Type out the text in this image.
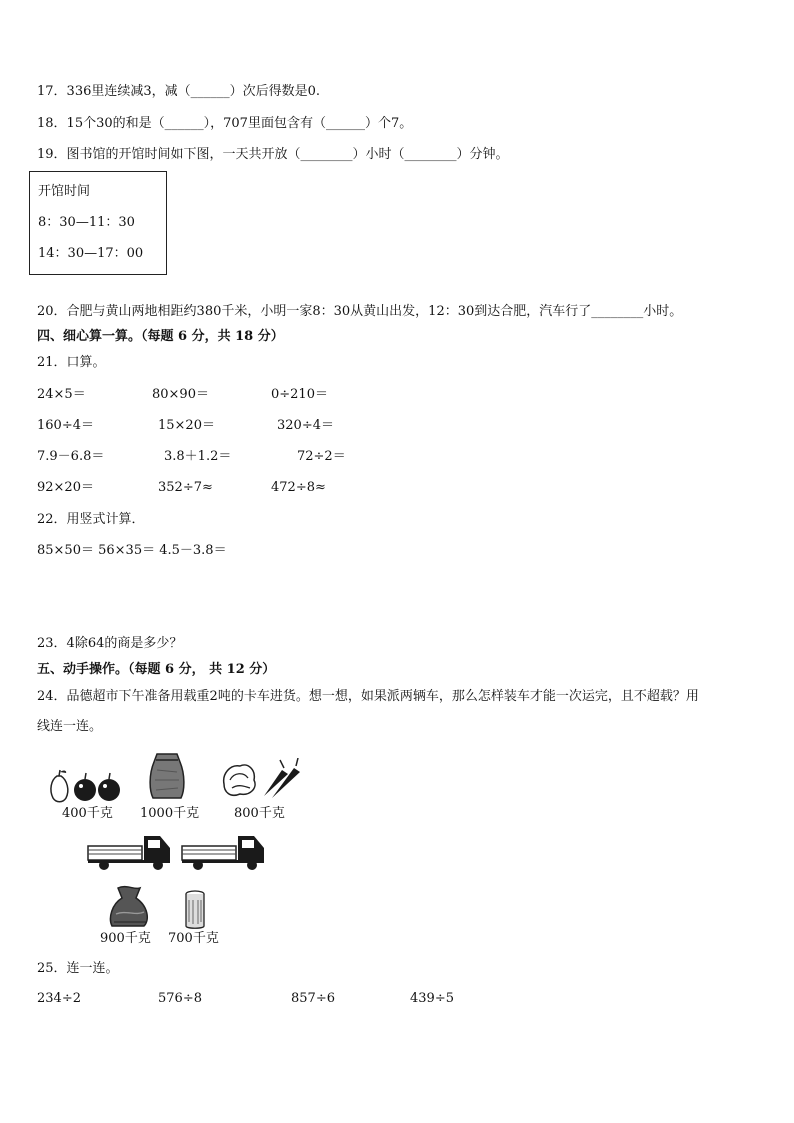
17．336里连续减3，减（______）次后得数是0.
18．15个30的和是（______），707里面包含有（______）个7。
19．图书馆的开馆时间如下图，一天共开放（________）小时（________）分钟。
开馆时间
8：30—11：30
14：30—17：00
20．合肥与黄山两地相距约380千米，小明一家8：30从黄山出发，12：30到达合肥，汽车行了________小时。
四、细心算一算。（每题 6 分，共 18 分）
21．口算。
24×5＝	80×90＝	0÷210＝
160÷4＝	15×20＝	320÷4＝
7.9－6.8＝	3.8＋1.2＝	72÷2＝
92×20＝	352÷7≈	472÷8≈
22．用竖式计算．
85×50＝ 56×35＝ 4.5－3.8＝
23．4除64的商是多少？
五、动手操作。（每题 6 分， 共 12 分）
24．品德超市下午准备用载重2吨的卡车进货。想一想，如果派两辆车，那么怎样装车才能一次运完，且不超载？用
线连一连。
400千克 1000千克	800千克
900千克 700千克
25．连一连。
234÷2	576÷8	857÷6	439÷5
